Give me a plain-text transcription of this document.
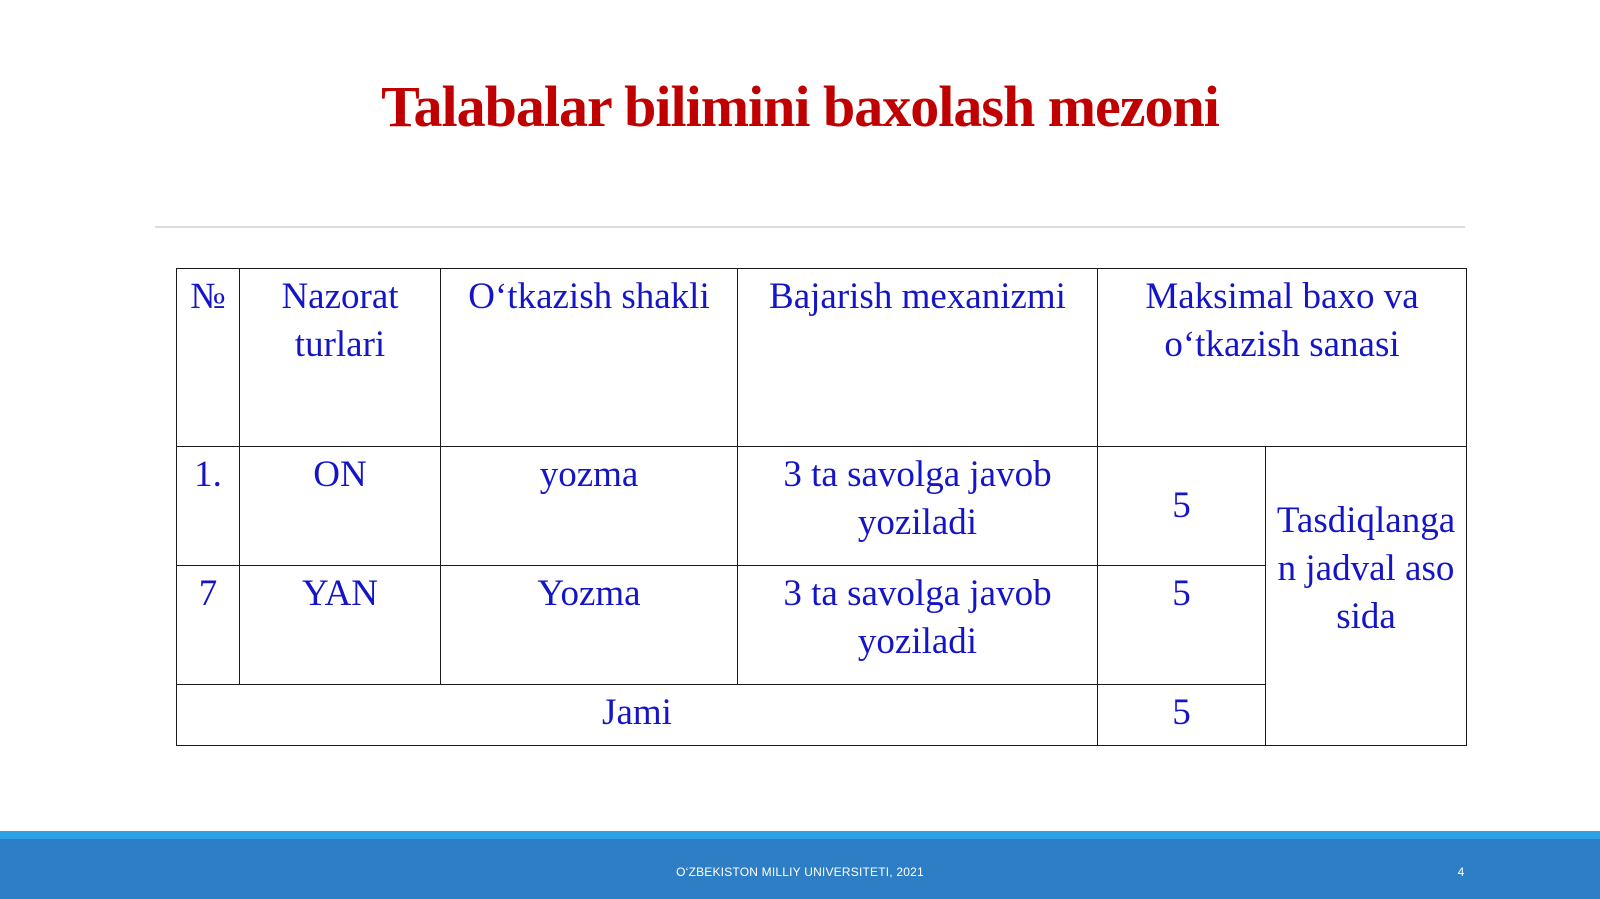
Talabalar bilimini baxolash mezoni
№	Nazorat turlari	O‘tkazish shakli	Bajarish mexanizmi	Maksimal baxo va o‘tkazish sanasi	
1.	ON	yozma	3 ta savolga javob yoziladi	5	Tasdiqlangan jadval asosida

7	YAN	Yozma	3 ta savolga javob yoziladi	5	
Jami				5	
O‘ZBEKISTON MILLIY UNIVERSITETI, 2021	4
